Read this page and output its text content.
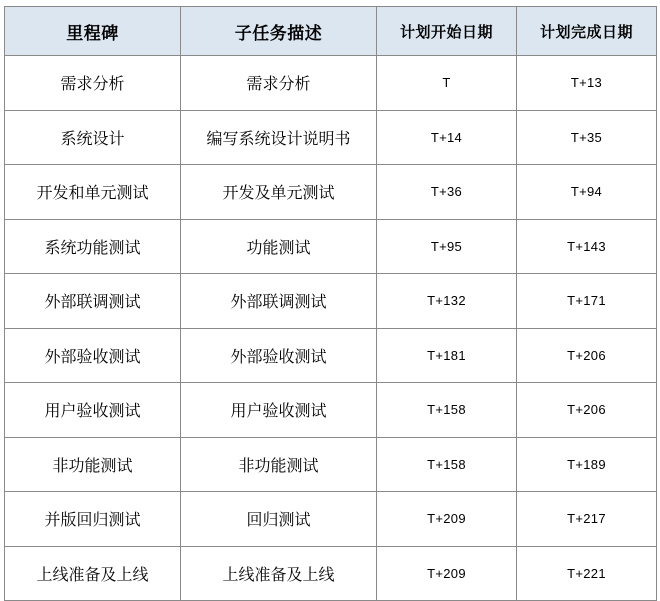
里程碑	子任务描述	计划开始日期	计划完成日期
需求分析	需求分析	T	T+13
系统设计	编写系统设计说明书	T+14	T+35
开发和单元测试	开发及单元测试	T+36	T+94
系统功能测试	功能测试	T+95	T+143
外部联调测试	外部联调测试	T+132	T+171
外部验收测试	外部验收测试	T+181	T+206
用户验收测试	用户验收测试	T+158	T+206
非功能测试	非功能测试	T+158	T+189
并版回归测试	回归测试	T+209	T+217
上线准备及上线	上线准备及上线	T+209	T+221
